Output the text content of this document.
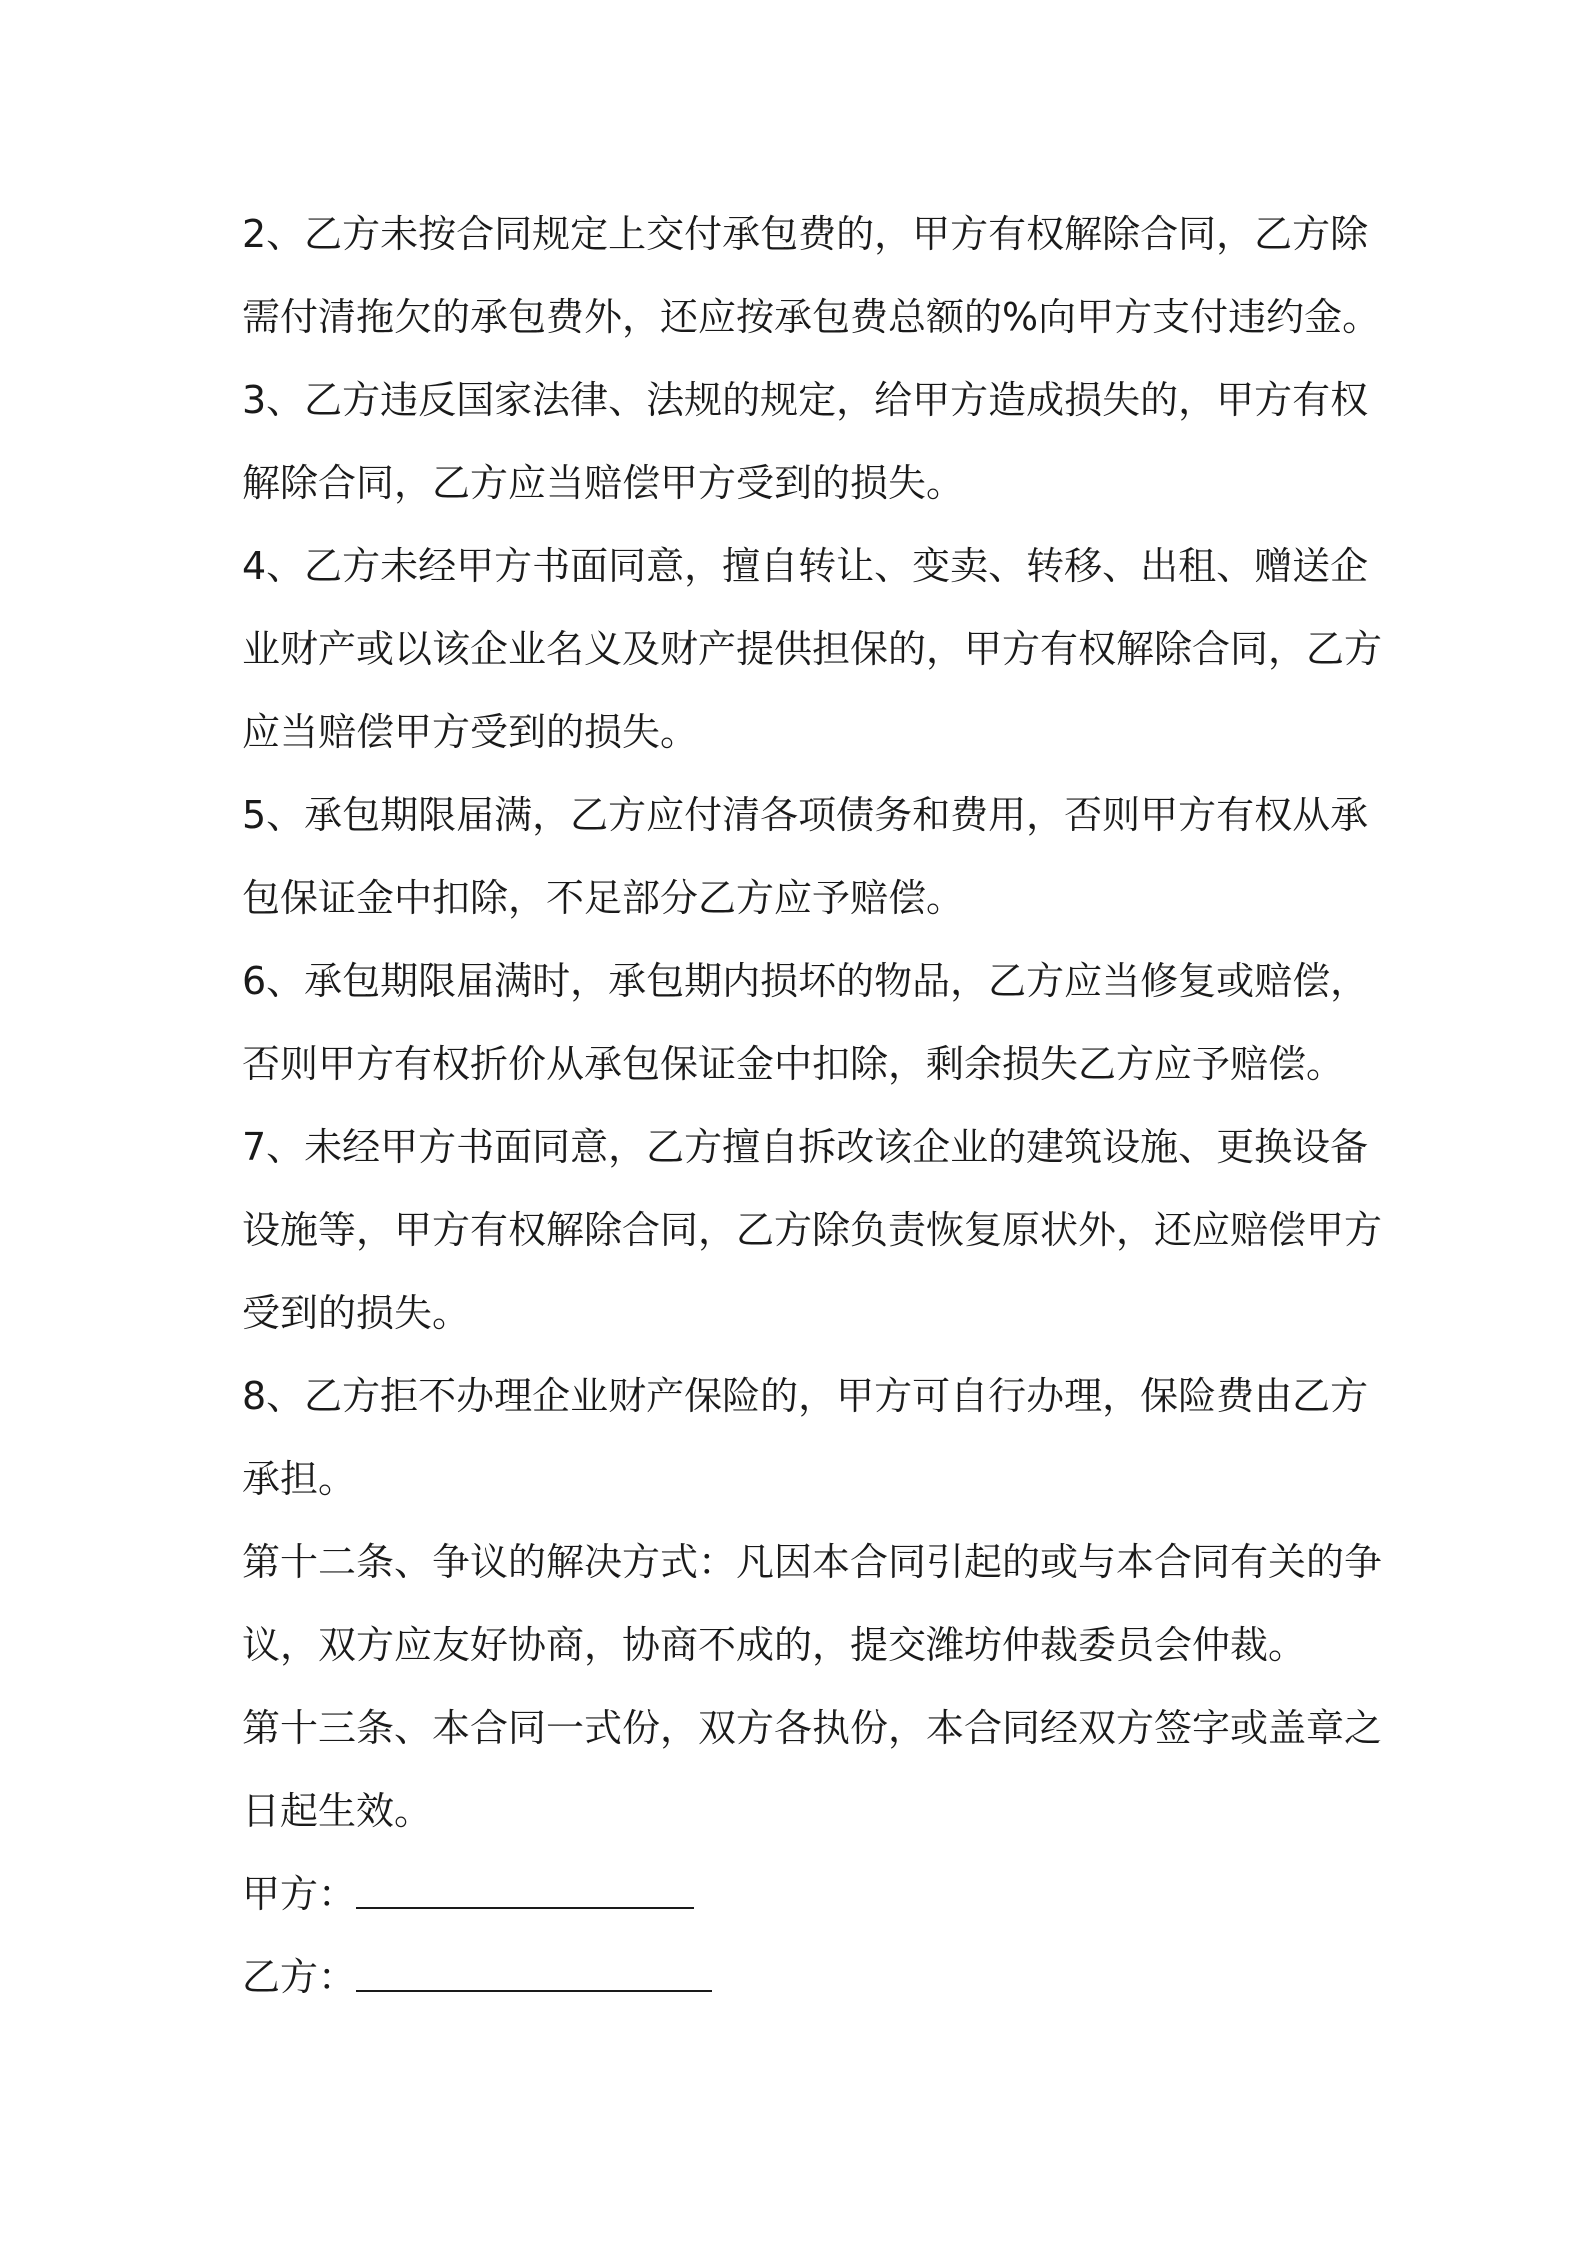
2、乙方未按合同规定上交付承包费的，甲方有权解除合同，乙方除
需付清拖欠的承包费外，还应按承包费总额的%向甲方支付违约金。
3、乙方违反国家法律、法规的规定，给甲方造成损失的，甲方有权
解除合同，乙方应当赔偿甲方受到的损失。
4、乙方未经甲方书面同意，擅自转让、变卖、转移、出租、赠送企
业财产或以该企业名义及财产提供担保的，甲方有权解除合同，乙方
应当赔偿甲方受到的损失。
5、承包期限届满，乙方应付清各项债务和费用，否则甲方有权从承
包保证金中扣除，不足部分乙方应予赔偿。
6、承包期限届满时，承包期内损坏的物品，乙方应当修复或赔偿，
否则甲方有权折价从承包保证金中扣除，剩余损失乙方应予赔偿。
7、未经甲方书面同意，乙方擅自拆改该企业的建筑设施、更换设备
设施等，甲方有权解除合同，乙方除负责恢复原状外，还应赔偿甲方
受到的损失。
8、乙方拒不办理企业财产保险的，甲方可自行办理，保险费由乙方
承担。
第十二条、争议的解决方式：凡因本合同引起的或与本合同有关的争
议，双方应友好协商，协商不成的，提交潍坊仲裁委员会仲裁。
第十三条、本合同一式份，双方各执份，本合同经双方签字或盖章之
日起生效。
甲方：
乙方：
